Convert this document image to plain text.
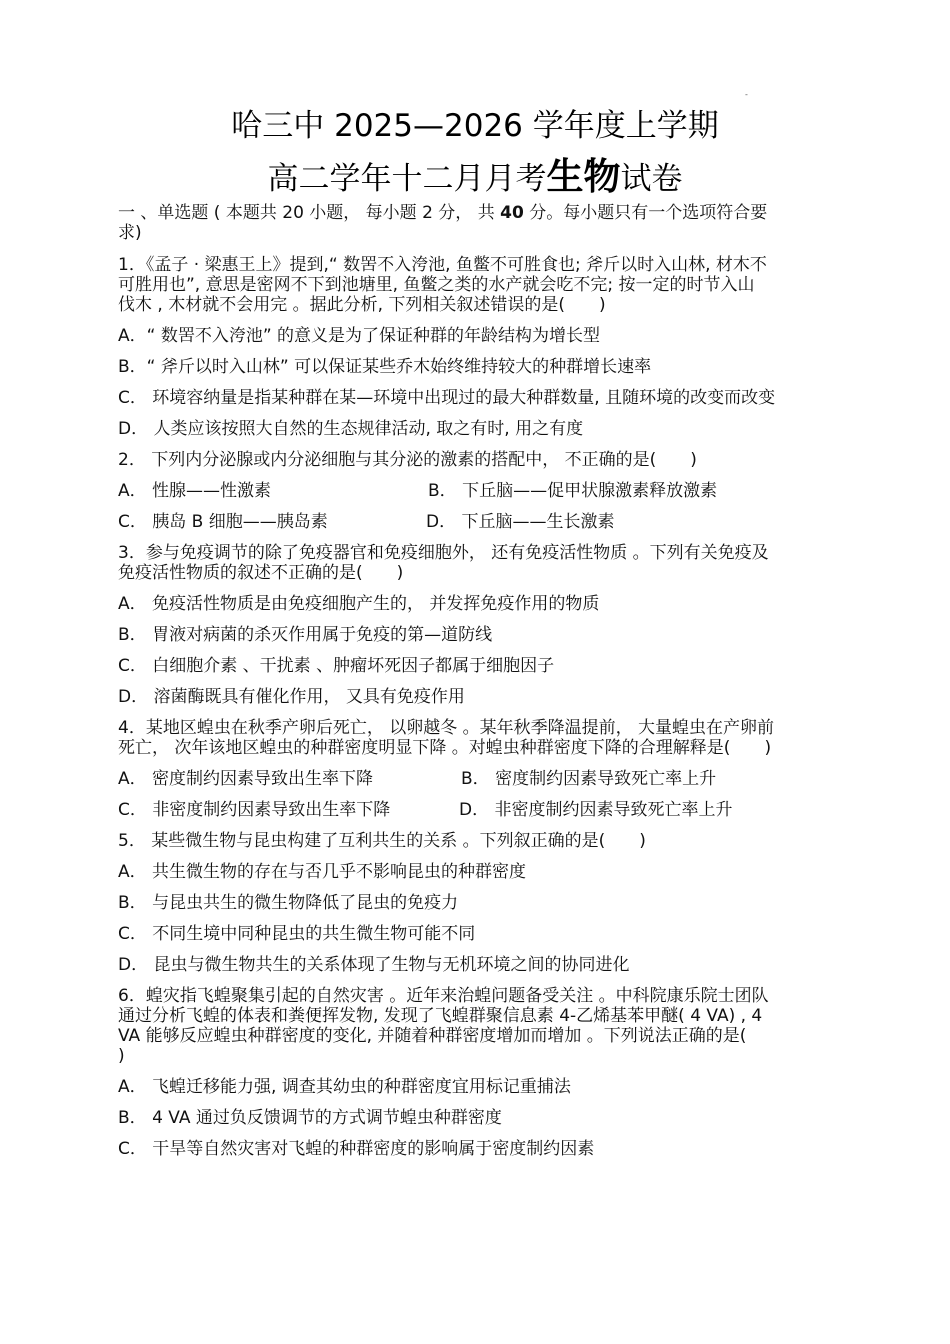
-
哈三中 2025—2026 学年度上学期
高二学年十二月月考生物试卷
一 、单选题 ( 本题共 20 小题， 每小题 2 分， 共 40 分。每小题只有一个选项符合要
求)
1．《孟子 · 梁惠王上》提到,“ 数罟不入洿池, 鱼鳖不可胜食也; 斧斤以时入山林, 材木不
可胜用也”, 意思是密网不下到池塘里, 鱼鳖之类的水产就会吃不完; 按一定的时节入山
伐木 , 木材就不会用完 。据此分析, 下列相关叙述错误的是(　　)
A．“ 数罟不入洿池” 的意义是为了保证种群的年龄结构为增长型
B．“ 斧斤以时入山林” 可以保证某些乔木始终维持较大的种群增长速率
C． 环境容纳量是指某种群在某—环境中出现过的最大种群数量, 且随环境的改变而改变
D． 人类应该按照大自然的生态规律活动, 取之有时, 用之有度
2． 下列内分泌腺或内分泌细胞与其分泌的激素的搭配中， 不正确的是(　　)
A． 性腺——性激素	B． 下丘脑——促甲状腺激素释放激素
C． 胰岛 B 细胞——胰岛素	D． 下丘脑——生长激素
3．参与免疫调节的除了免疫器官和免疫细胞外， 还有免疫活性物质 。下列有关免疫及
免疫活性物质的叙述不正确的是(　　)
A． 免疫活性物质是由免疫细胞产生的， 并发挥免疫作用的物质
B． 胃液对病菌的杀灭作用属于免疫的第—道防线
C． 白细胞介素 、干扰素 、肿瘤坏死因子都属于细胞因子
D． 溶菌酶既具有催化作用， 又具有免疫作用
4．某地区蝗虫在秋季产卵后死亡， 以卵越冬 。某年秋季降温提前， 大量蝗虫在产卵前
死亡， 次年该地区蝗虫的种群密度明显下降 。对蝗虫种群密度下降的合理解释是(　　)
A． 密度制约因素导致出生率下降	B． 密度制约因素导致死亡率上升
C． 非密度制约因素导致出生率下降	D． 非密度制约因素导致死亡率上升
5． 某些微生物与昆虫构建了互利共生的关系 。下列叙正确的是(　　)
A． 共生微生物的存在与否几乎不影响昆虫的种群密度
B． 与昆虫共生的微生物降低了昆虫的免疫力
C． 不同生境中同种昆虫的共生微生物可能不同
D． 昆虫与微生物共生的关系体现了生物与无机环境之间的协同进化
6．蝗灾指飞蝗聚集引起的自然灾害 。近年来治蝗问题备受关注 。中科院康乐院士团队
通过分析飞蝗的体表和粪便挥发物, 发现了飞蝗群聚信息素 4-乙烯基苯甲醚( 4 VA) , 4
VA 能够反应蝗虫种群密度的变化, 并随着种群密度增加而增加 。下列说法正确的是(
)
A． 飞蝗迁移能力强, 调查其幼虫的种群密度宜用标记重捕法
B． 4 VA 通过负反馈调节的方式调节蝗虫种群密度
C． 干旱等自然灾害对飞蝗的种群密度的影响属于密度制约因素
